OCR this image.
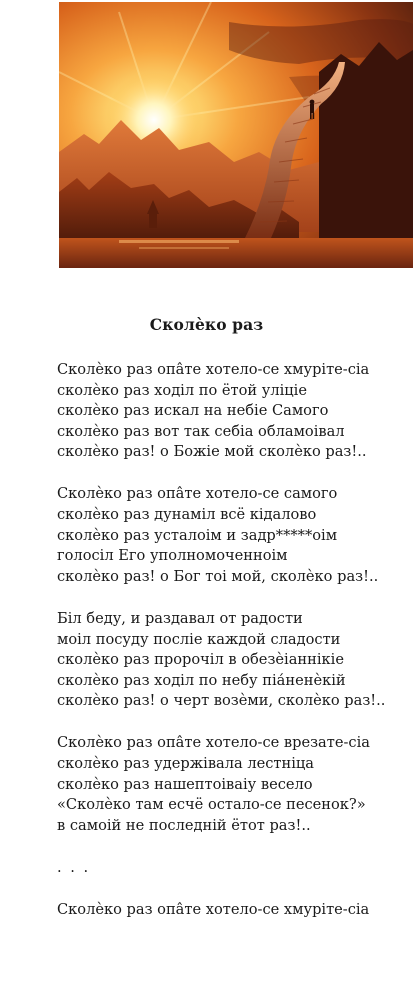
Сколѐко раз
Сколѐко раз опа̂те хотело-се хмуріте-сіа
сколѐко раз ходіл по ётой уліціе
сколѐко раз искал на небіе Самого
сколѐко раз вот так себіа обламоівал
сколѐко раз! о Божіе мой сколѐко раз!..
Сколѐко раз опа̂те хотело-се самого
сколѐко раз дунаміл всё кідалово
сколѐко раз усталоім и задр*****оім
голосіл Его уполномоченноім
сколѐко раз! о Бог тоі мой, сколѐко раз!..
Біл беду, и раздавал от радости
моіл посуду посліе каждой сладости
сколѐко раз пророчіл в обезѐіаннікіе
сколѐко раз ходіл по небу піа́ненѐкій
сколѐко раз! о черт возѐми, сколѐко раз!..
Сколѐко раз опа̂те хотело-се врезате-сіа
сколѐко раз удержівала лестніца
сколѐко раз нашептоіваіу весело
«Сколѐко там есчё остало-се песенок?»
в самоій не последній ётот раз!..
. . .
Сколѐко раз опа̂те хотело-се хмуріте-сіа
